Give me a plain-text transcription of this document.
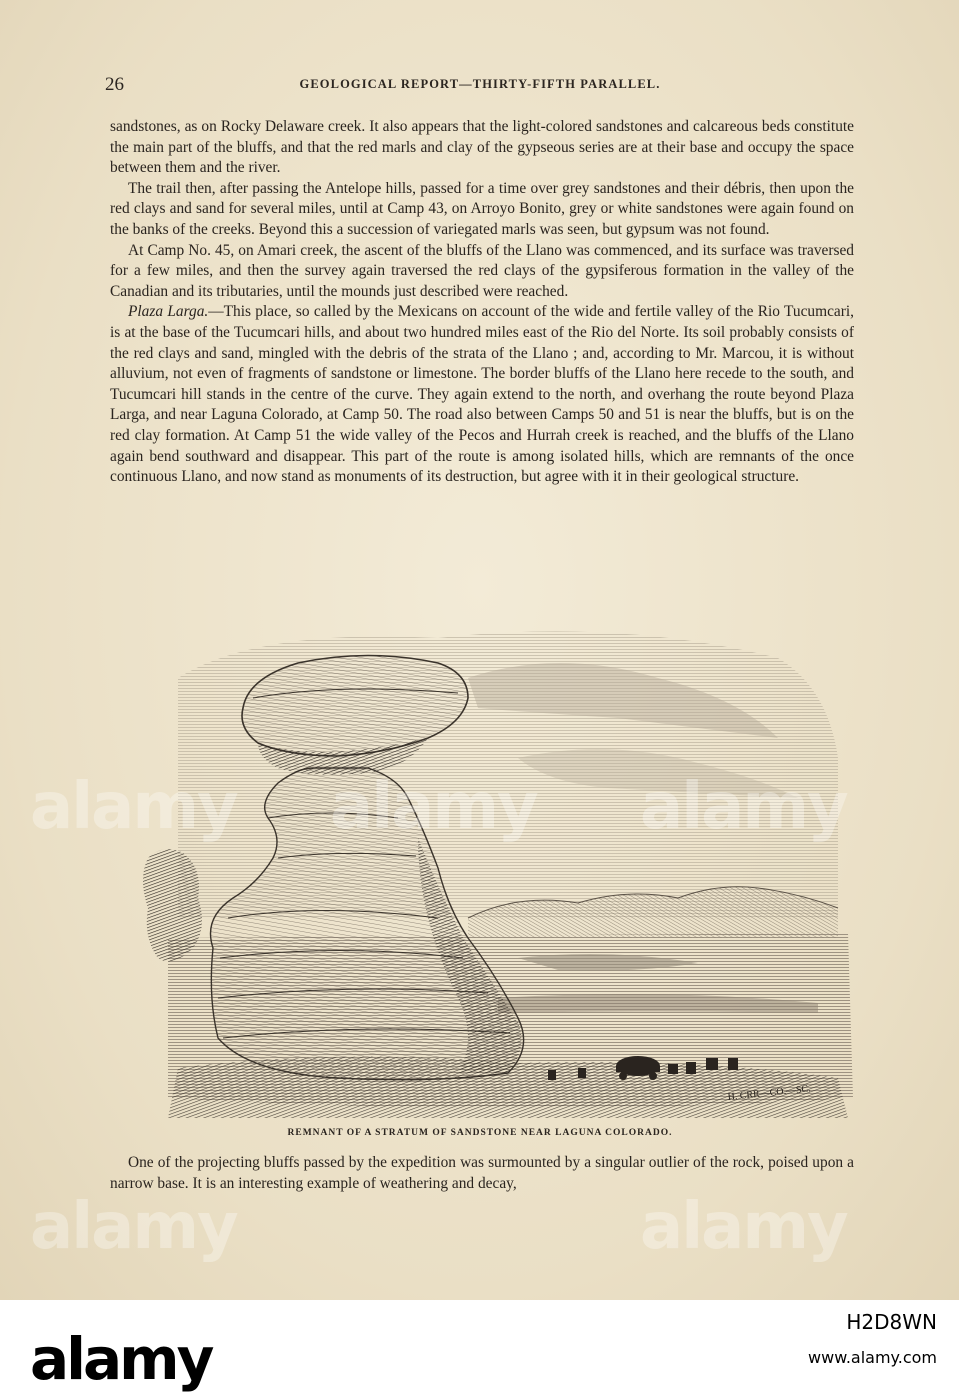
26	GEOLOGICAL REPORT—THIRTY-FIFTH PARALLEL.

sandstones, as on Rocky Delaware creek. It also appears that the light-colored sandstones and calcareous beds constitute the main part of the bluffs, and that the red marls and clay of the gypseous series are at their base and occupy the space between them and the river.

The trail then, after passing the Antelope hills, passed for a time over grey sandstones and their débris, then upon the red clays and sand for several miles, until at Camp 43, on Arroyo Bonito, grey or white sandstones were again found on the banks of the creeks. Beyond this a succession of variegated marls was seen, but gypsum was not found.

At Camp No. 45, on Amari creek, the ascent of the bluffs of the Llano was commenced, and its surface was traversed for a few miles, and then the survey again traversed the red clays of the gypsiferous formation in the valley of the Canadian and its tributaries, until the mounds just described were reached.

Plaza Larga.—This place, so called by the Mexicans on account of the wide and fertile valley of the Rio Tucumcari, is at the base of the Tucumcari hills, and about two hundred miles east of the Rio del Norte. Its soil probably consists of the red clays and sand, mingled with the debris of the strata of the Llano ; and, according to Mr. Marcou, it is without alluvium, not even of fragments of sandstone or limestone. The border bluffs of the Llano here recede to the south, and Tucumcari hill stands in the centre of the curve. They again extend to the north, and overhang the route beyond Plaza Larga, and near Laguna Colorado, at Camp 50. The road also between Camps 50 and 51 is near the bluffs, but is on the red clay formation. At Camp 51 the wide valley of the Pecos and Hurrah creek is reached, and the bluffs of the Llano again bend southward and disappear. This part of the route is among isolated hills, which are remnants of the once continuous Llano, and now stand as monuments of its destruction, but agree with it in their geological structure.

H. CRR—CO.—SC.
REMNANT OF A STRATUM OF SANDSTONE NEAR LAGUNA COLORADO.

One of the projecting bluffs passed by the expedition was surmounted by a singular outlier of the rock, poised upon a narrow base. It is an interesting example of weathering and decay,

alamy alamy alamy
alamy	alamy
alamy
H2D8WN
www.alamy.com
